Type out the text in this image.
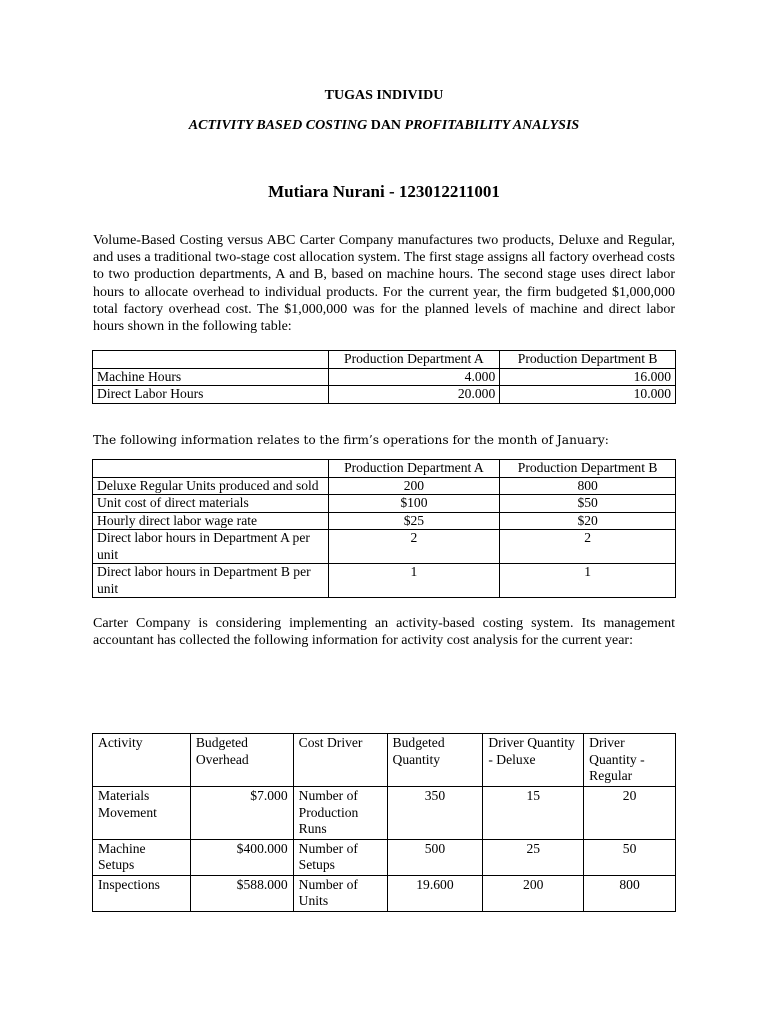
TUGAS INDIVIDU
ACTIVITY BASED COSTING DAN PROFITABILITY ANALYSIS
Mutiara Nurani - 123012211001
Volume-Based Costing versus ABC Carter Company manufactures two products, Deluxe and Regular, and uses a traditional two-stage cost allocation system. The first stage assigns all factory overhead costs to two production departments, A and B, based on machine hours. The second stage uses direct labor hours to allocate overhead to individual products. For the current year, the firm budgeted $1,000,000 total factory overhead cost. The $1,000,000 was for the planned levels of machine and direct labor hours shown in the following table:
	Production Department A	Production Department B
Machine Hours	4.000	16.000
Direct Labor Hours	20.000	10.000
The following information relates to the firm’s operations for the month of January:
	Production Department A	Production Department B
Deluxe Regular Units produced and sold	200	800
Unit cost of direct materials	$100	$50
Hourly direct labor wage rate	$25	$20
Direct labor hours in Department A per unit	2	2
Direct labor hours in Department B per unit	1	1
Carter Company is considering implementing an activity-based costing system. Its management accountant has collected the following information for activity cost analysis for the current year:
Activity	Budgeted Overhead	Cost Driver	Budgeted Quantity	Driver Quantity - Deluxe	Driver Quantity - Regular
Materials Movement	$7.000	Number of Production Runs	350	15	20
Machine Setups	$400.000	Number of Setups	500	25	50
Inspections	$588.000	Number of Units	19.600	200	800
